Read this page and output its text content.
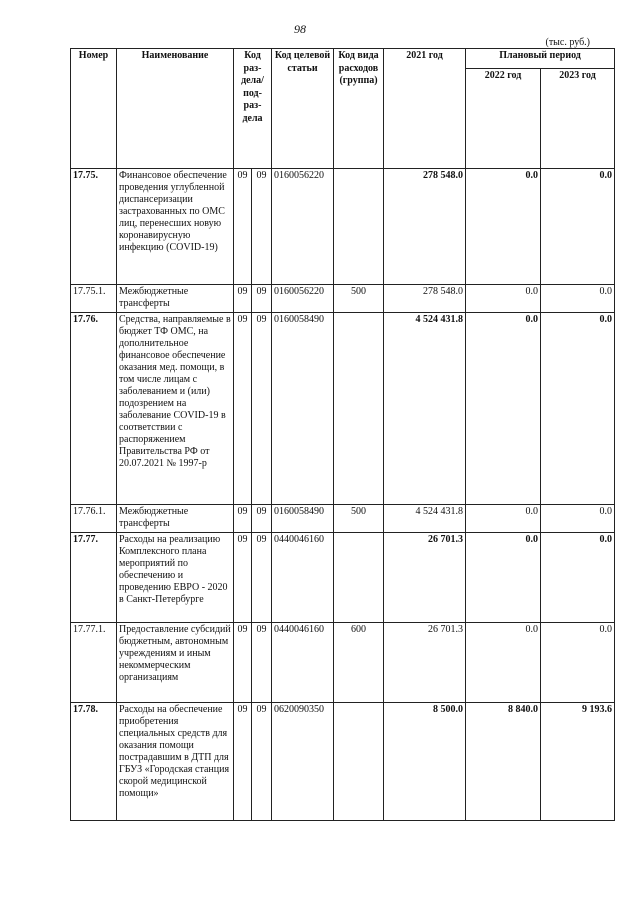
98
(тыс. руб.)
Номер	Наименование	Код раз- дела/ под- раз- дела		Код целевой статьи	Код вида расходов (группа)	2021 год	Плановый период	
							2022 год	2023 год
17.75.	Финансовое обеспечение проведения углубленной диспансеризации застрахованных по ОМС лиц, перенесших новую коронавирусную инфекцию (COVID-19)	09	09	0160056220		278 548.0	0.0	0.0
17.75.1.	Межбюджетные трансферты	09	09	0160056220	500	278 548.0	0.0	0.0
17.76.	Средства, направляемые в бюджет ТФ ОМС, на дополнительное финансовое обеспечение оказания мед. помощи, в том числе лицам с заболеванием и (или) подозрением на заболевание COVID-19 в соответствии с распоряжением Правительства РФ от 20.07.2021 № 1997-р	09	09	0160058490		4 524 431.8	0.0	0.0
17.76.1.	Межбюджетные трансферты	09	09	0160058490	500	4 524 431.8	0.0	0.0
17.77.	Расходы на реализацию Комплексного плана мероприятий по обеспечению и проведению ЕВРО - 2020 в Санкт-Петербурге	09	09	0440046160		26 701.3	0.0	0.0
17.77.1.	Предоставление субсидий бюджетным, автономным учреждениям и иным некоммерческим организациям	09	09	0440046160	600	26 701.3	0.0	0.0
17.78.	Расходы на обеспечение приобретения специальных средств для оказания помощи пострадавшим в ДТП для ГБУЗ «Городская станция скорой медицинской помощи»	09	09	0620090350		8 500.0	8 840.0	9 193.6
